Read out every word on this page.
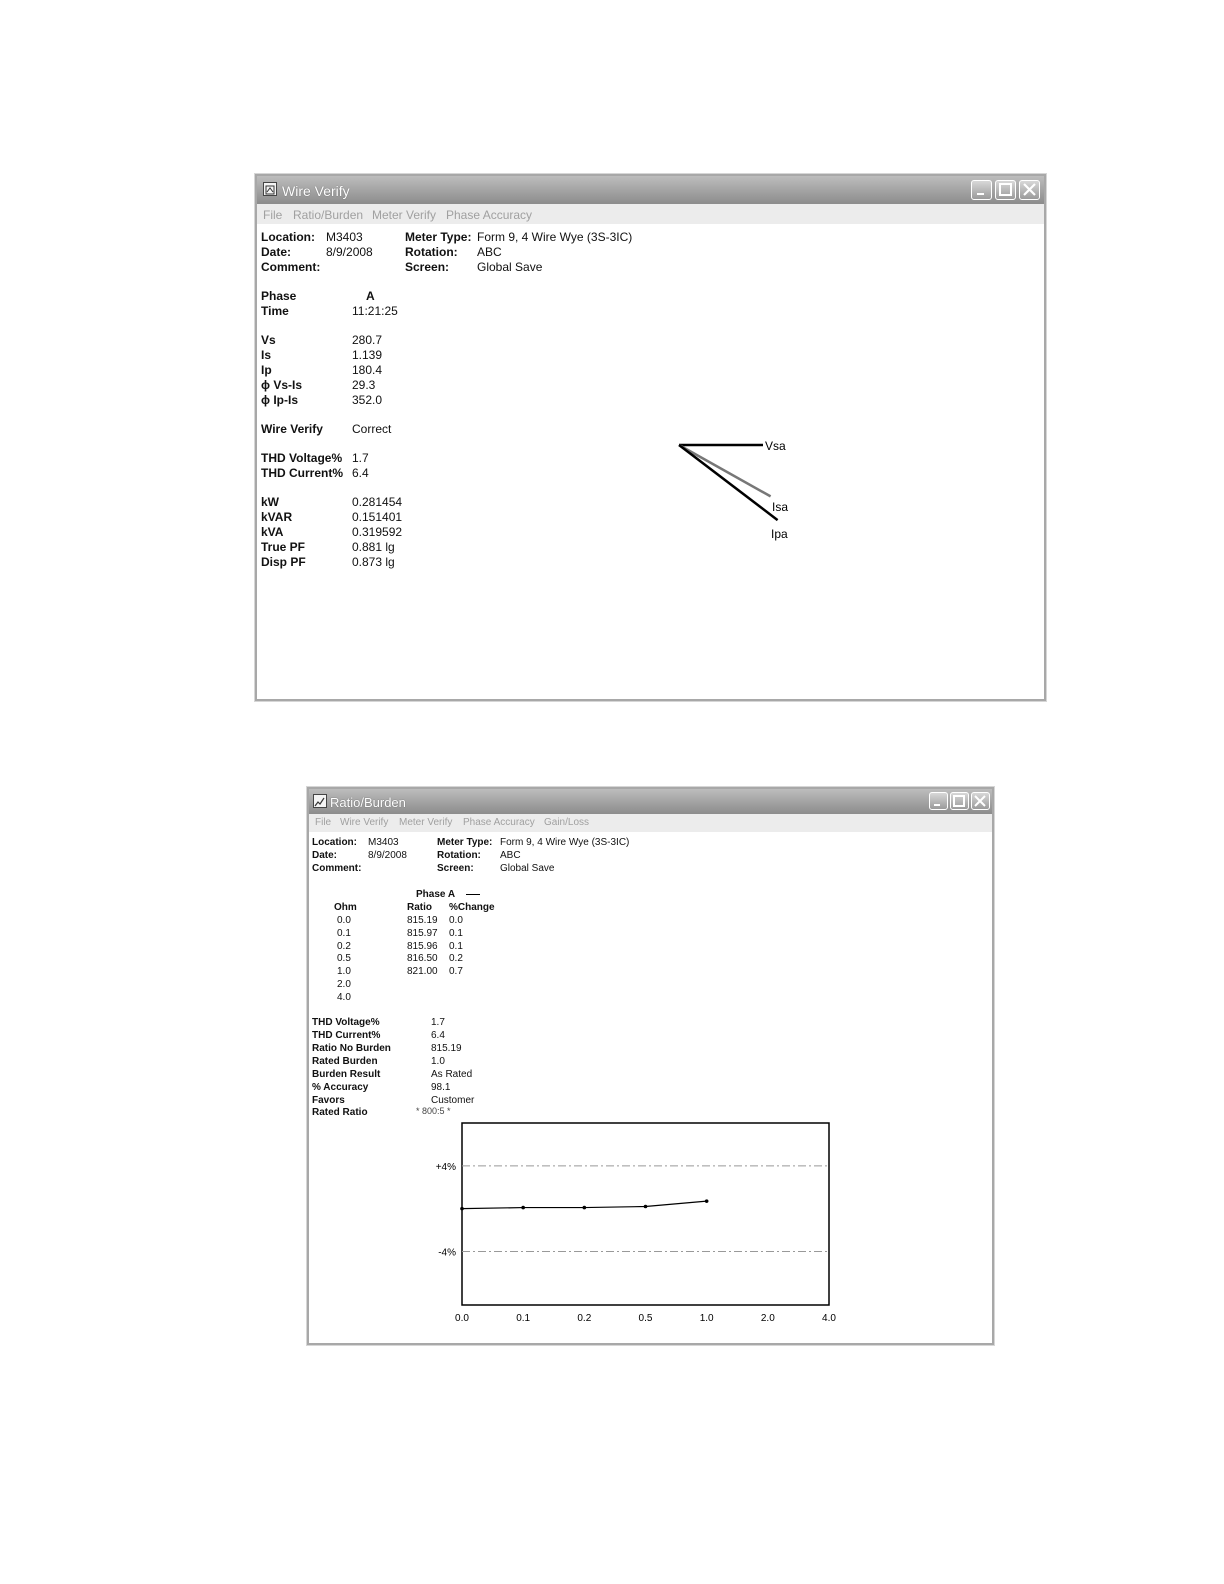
Wire Verify
File Ratio/Burden Meter Verify Phase Accuracy
Location: M3403
Date:	8/9/2008
Comment:
Meter Type: Form 9, 4 Wire Wye (3S-3IC)
Rotation: ABC
Screen: Global Save
Phase	A
Time	11:21:25
Vs	280.7
Is	1.139
Ip	180.4
ϕ Vs-Is	29.3
ϕ Ip-Is	352.0
Wire Verify Correct
THD Voltage% 1.7
THD Current% 6.4
kW	0.281454
kVAR	0.151401
kVA	0.319592
True PF	0.881 lg
Disp PF	0.873 lg
Vsa
Isa
Ipa
Ratio/Burden
File Wire Verify Meter Verify Phase Accuracy Gain/Loss
Location: M3403
Date:	8/9/2008
Comment:
Meter Type: Form 9, 4 Wire Wye (3S-3IC)
Rotation: ABC
Screen:	Global Save
Phase A
Ohm	Ratio %Change
0.0	815.19 0.0
0.1	815.97 0.1
0.2	815.96 0.1
0.5	816.50 0.2
1.0	821.00 0.7
2.0
4.0
THD Voltage%	1.7
THD Current%	6.4
Ratio No Burden	815.19
Rated Burden	1.0
Burden Result	As Rated
% Accuracy	98.1
Favors	Customer
Rated Ratio	* 800:5 *
+4%
-4%
0.0	0.1	0.2	0.5	1.0	2.0	4.0
